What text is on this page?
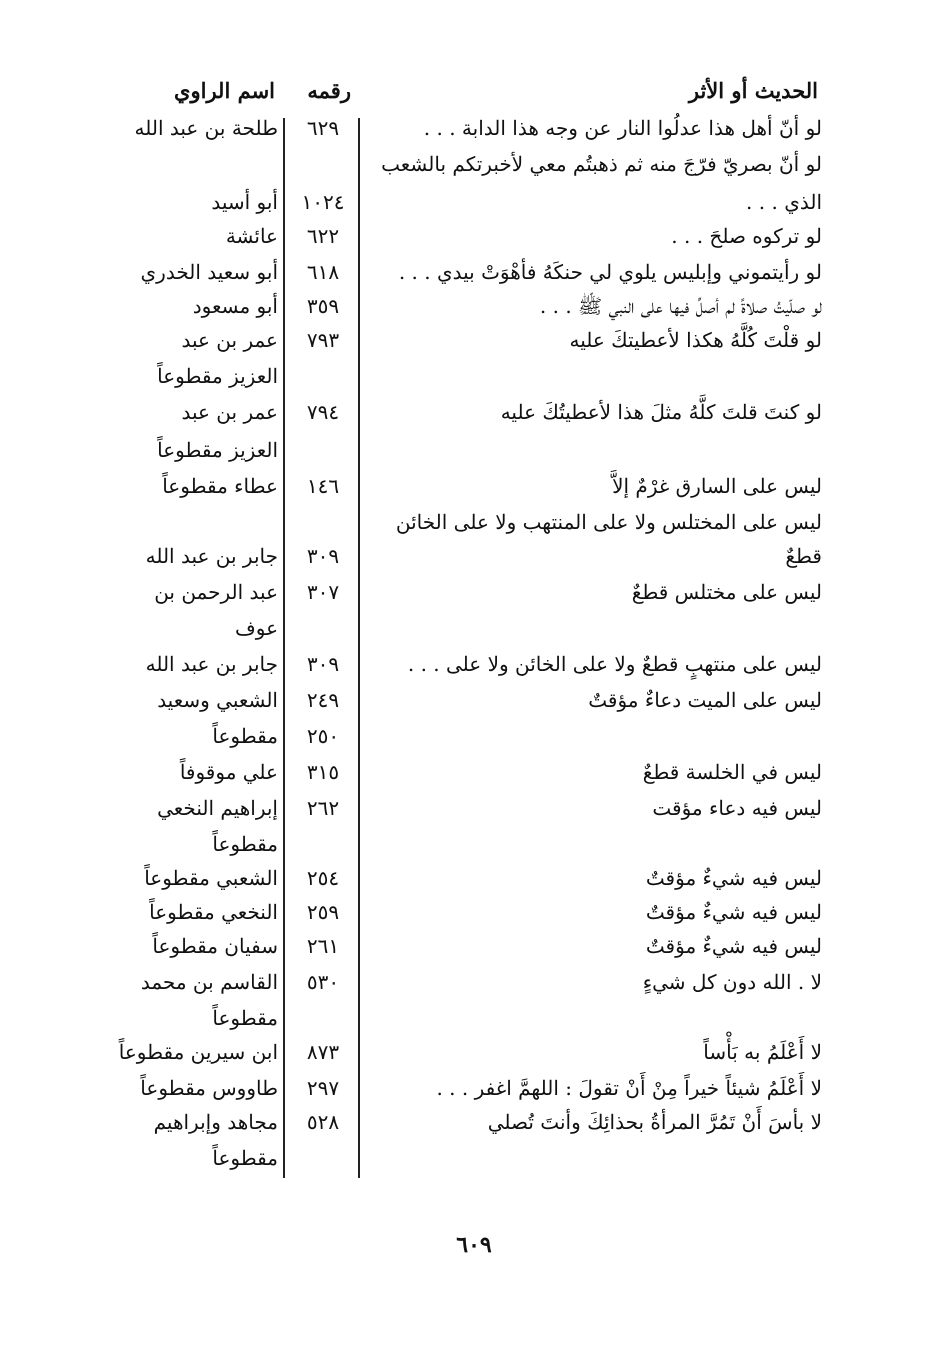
الحديث أو الأثر
رقمه
اسم الراوي
لو أنّ أهل هذا عدلُوا النار عن وجه هذا الدابة . . .
لو أنّ بصريّ فرّجَ منه ثم ذهبتُم معي لأخبرتكم بالشعب
الذي . . .
لو تركوه صلحَ . . .
لو رأيتموني وإبليس يلوي لي حنكَهُ فأهْوَتْ بيدي . . .
لو صلّيتُ صلاةً لم أصلِّ فيها على النبي ﷺ . . .
لو قلْتَ كُلَّهُ هكذا لأعطيتكَ عليه
لو كنتَ قلتَ كلَّهُ مثلَ هذا لأعطيتُكَ عليه
ليس على السارق غرْمٌ إلاَّ
ليس على المختلس ولا على المنتهب ولا على الخائن
قطعٌ
ليس على مختلس قطعٌ
ليس على منتهبٍ قطعٌ ولا على الخائن ولا على . . .
ليس على الميت دعاءٌ مؤقتٌ
ليس في الخلسة قطعٌ
ليس فيه دعاء مؤقت
ليس فيه شيءٌ مؤقتٌ
ليس فيه شيءٌ مؤقتٌ
ليس فيه شيءٌ مؤقتٌ
لا . الله دون كل شيءٍ
لا أَعْلَمُ به بَأْساً
لا أَعْلَمُ شيئاً خيراً مِنْ أَنْ تقولَ : اللهمَّ اغفر . . .
لا بأسَ أَنْ تَمُرَّ المرأةُ بحذائِكَ وأنتَ تُصلي
٦٢٩
١٠٢٤
٦٢٢
٦١٨
٣٥٩
٧٩٣
٧٩٤
١٤٦
٣٠٩
٣٠٧
٣٠٩
٢٤٩
٢٥٠
٣١٥
٢٦٢
٢٥٤
٢٥٩
٢٦١
٥٣٠
٨٧٣
٢٩٧
٥٢٨
طلحة بن عبد الله
أبو أسيد
عائشة
أبو سعيد الخدري
أبو مسعود
عمر بن عبد
العزيز مقطوعاً
عمر بن عبد
العزيز مقطوعاً
عطاء مقطوعاً
جابر بن عبد الله
عبد الرحمن بن
عوف
جابر بن عبد الله
الشعبي وسعيد
مقطوعاً
علي موقوفاً
إبراهيم النخعي
مقطوعاً
الشعبي مقطوعاً
النخعي مقطوعاً
سفيان مقطوعاً
القاسم بن محمد
مقطوعاً
ابن سيرين مقطوعاً
طاووس مقطوعاً
مجاهد وإبراهيم
مقطوعاً
٦٠٩
